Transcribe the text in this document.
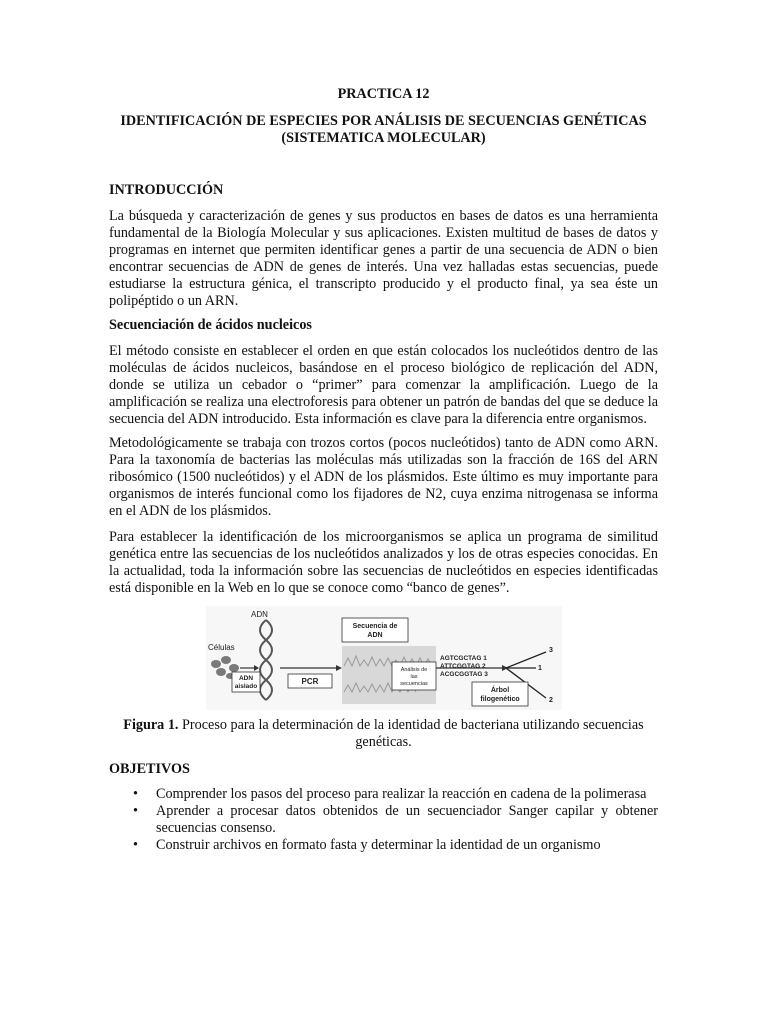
PRACTICA 12
IDENTIFICACIÓN DE ESPECIES POR ANÁLISIS DE SECUENCIAS GENÉTICAS
(SISTEMATICA MOLECULAR)
INTRODUCCIÓN

La búsqueda y caracterización de genes y sus productos en bases de datos es una herramienta fundamental de la Biología Molecular y sus aplicaciones. Existen multitud de bases de datos y programas en internet que permiten identificar genes a partir de una secuencia de ADN o bien encontrar secuencias de ADN de genes de interés. Una vez halladas estas secuencias, puede estudiarse la estructura génica, el transcripto producido y el producto final, ya sea éste un polipéptido o un ARN.

Secuenciación de ácidos nucleicos

El método consiste en establecer el orden en que están colocados los nucleótidos dentro de las moléculas de ácidos nucleicos, basándose en el proceso biológico de replicación del ADN, donde se utiliza un cebador o “primer” para comenzar la amplificación. Luego de la amplificación se realiza una electroforesis para obtener un patrón de bandas del que se deduce la secuencia del ADN introducido. Esta información es clave para la diferencia entre organismos.

Metodológicamente se trabaja con trozos cortos (pocos nucleótidos) tanto de ADN como ARN. Para la taxonomía de bacterias las moléculas más utilizadas son la fracción de 16S del ARN ribosómico (1500 nucleótidos) y el ADN de los plásmidos. Este último es muy importante para organismos de interés funcional como los fijadores de N2, cuya enzima nitrogenasa se informa en el ADN de los plásmidos.

Para establecer la identificación de los microorganismos se aplica un programa de similitud genética entre las secuencias de los nucleótidos analizados y los de otras especies conocidas. En la actualidad, toda la información sobre las secuencias de nucleótidos en especies identificadas está disponible en la Web en lo que se conoce como “banco de genes”.

Células
ADN
ADN
aislado
PCR
Secuencia de
ADN
Análisis de
las
secuencias
AGTCGCTAG 1
ATTCGGTAG 2
ACGCGGTAG 3
3
1
2
Árbol
filogenético
Figura 1. Proceso para la determinación de la identidad de bacteriana utilizando secuencias
genéticas.
OBJETIVOS
• Comprender los pasos del proceso para realizar la reacción en cadena de la polimerasa
• Aprender a procesar datos obtenidos de un secuenciador Sanger capilar y obtener secuencias consenso.
• Construir archivos en formato fasta y determinar la identidad de un organismo
